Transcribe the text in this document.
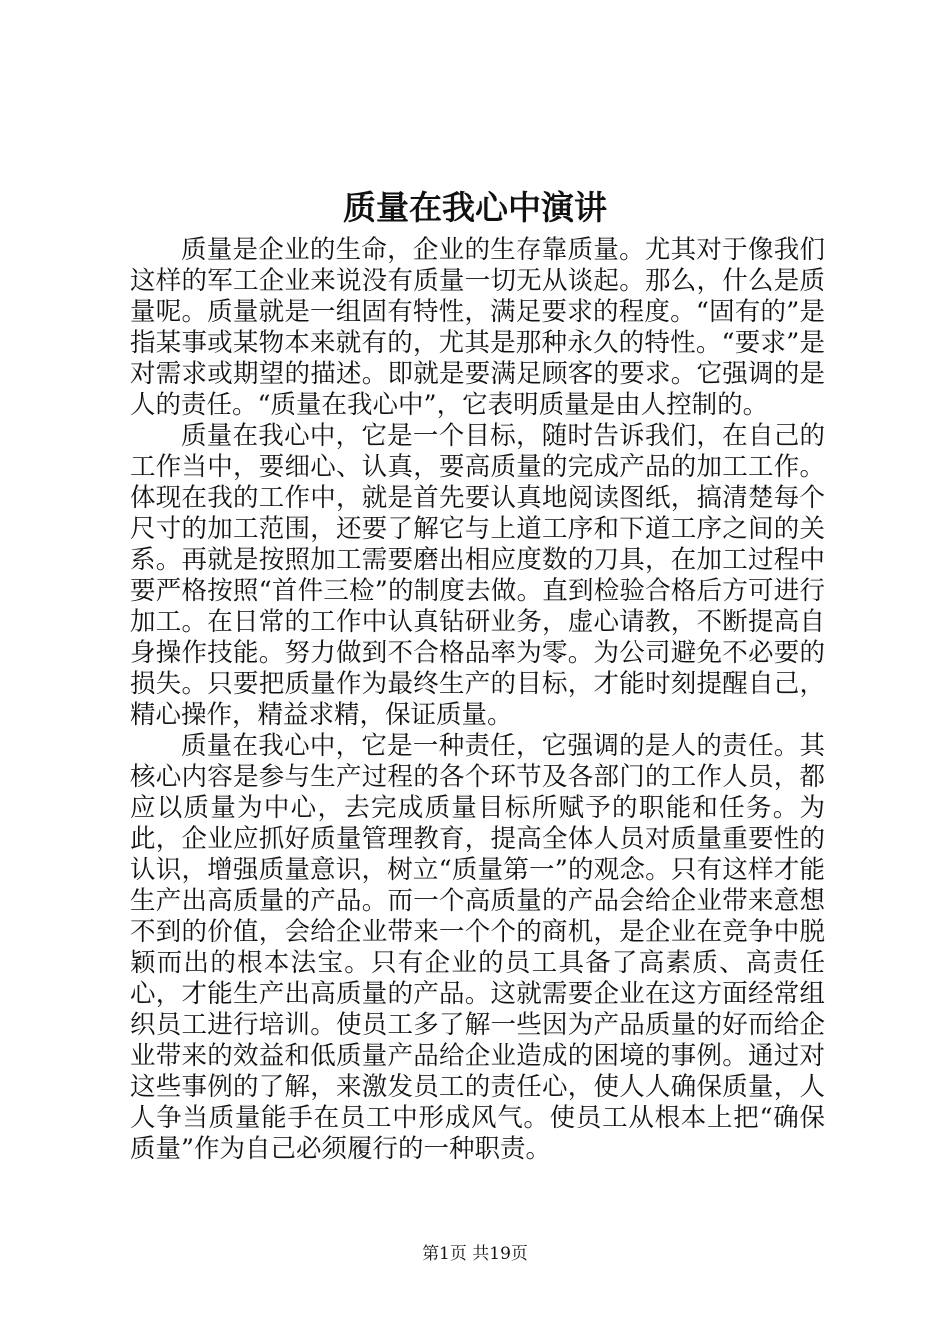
质量在我心中演讲

质量是企业的生命，企业的生存靠质量。尤其对于像我们这样的军工企业来说没有质量一切无从谈起。那么，什么是质量呢。质量就是一组固有特性，满足要求的程度。“固有的”是指某事或某物本来就有的，尤其是那种永久的特性。“要求”是对需求或期望的描述。即就是要满足顾客的要求。它强调的是人的责任。“质量在我心中”，它表明质量是由人控制的。

质量在我心中，它是一个目标，随时告诉我们，在自己的工作当中，要细心、认真，要高质量的完成产品的加工工作。体现在我的工作中，就是首先要认真地阅读图纸，搞清楚每个尺寸的加工范围，还要了解它与上道工序和下道工序之间的关系。再就是按照加工需要磨出相应度数的刀具，在加工过程中要严格按照“首件三检”的制度去做。直到检验合格后方可进行加工。在日常的工作中认真钻研业务，虚心请教，不断提高自身操作技能。努力做到不合格品率为零。为公司避免不必要的损失。只要把质量作为最终生产的目标，才能时刻提醒自己，精心操作，精益求精，保证质量。

质量在我心中，它是一种责任，它强调的是人的责任。其核心内容是参与生产过程的各个环节及各部门的工作人员，都应以质量为中心，去完成质量目标所赋予的职能和任务。为此，企业应抓好质量管理教育，提高全体人员对质量重要性的认识，增强质量意识，树立“质量第一”的观念。只有这样才能生产出高质量的产品。而一个高质量的产品会给企业带来意想不到的价值，会给企业带来一个个的商机，是企业在竞争中脱颖而出的根本法宝。只有企业的员工具备了高素质、高责任心，才能生产出高质量的产品。这就需要企业在这方面经常组织员工进行培训。使员工多了解一些因为产品质量的好而给企业带来的效益和低质量产品给企业造成的困境的事例。通过对这些事例的了解，来激发员工的责任心，使人人确保质量，人人争当质量能手在员工中形成风气。使员工从根本上把“确保质量”作为自己必须履行的一种职责。

第1页 共19页
